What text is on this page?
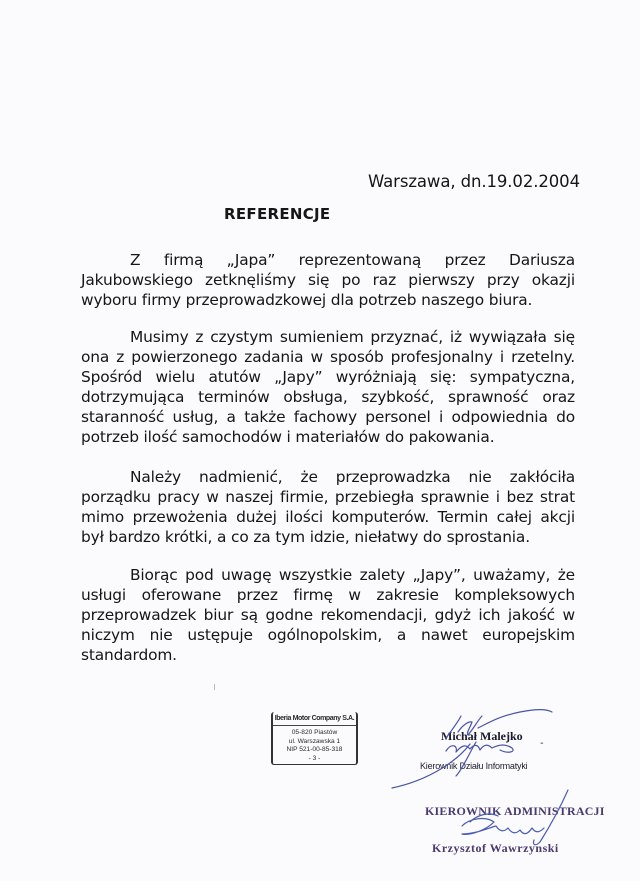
Warszawa, dn.19.02.2004
REFERENCJE
Z firmą „Japa” reprezentowaną przez Dariusza Jakubowskiego zetknęliśmy się po raz pierwszy przy okazji wyboru firmy przeprowadzkowej dla potrzeb naszego biura.
Musimy z czystym sumieniem przyznać, iż wywiązała się ona z powierzonego zadania w sposób profesjonalny i rzetelny. Spośród wielu atutów „Japy” wyróżniają się: sympatyczna, dotrzymująca terminów obsługa, szybkość, sprawność oraz staranność usług, a także fachowy personel i odpowiednia do potrzeb ilość samochodów i materiałów do pakowania.
Należy nadmienić, że przeprowadzka nie zakłóciła porządku pracy w naszej firmie, przebiegła sprawnie i bez strat mimo przewożenia dużej ilości komputerów. Termin całej akcji był bardzo krótki, a co za tym idzie, niełatwy do sprostania.
Biorąc pod uwagę wszystkie zalety „Japy”, uważamy, że usługi oferowane przez firmę w zakresie kompleksowych przeprowadzek biur są godne rekomendacji, gdyż ich jakość w niczym nie ustępuje ogólnopolskim, a nawet europejskim standardom.
Iberia Motor Company S.A.
05-820 Piastów
ul. Warszawska 1
NIP 521-00-85-318
- 3 -
Michał Malejko
Kierownik Działu Informatyki
-
KIEROWNIK ADMINISTRACJI
Krzysztof Wawrzynski
